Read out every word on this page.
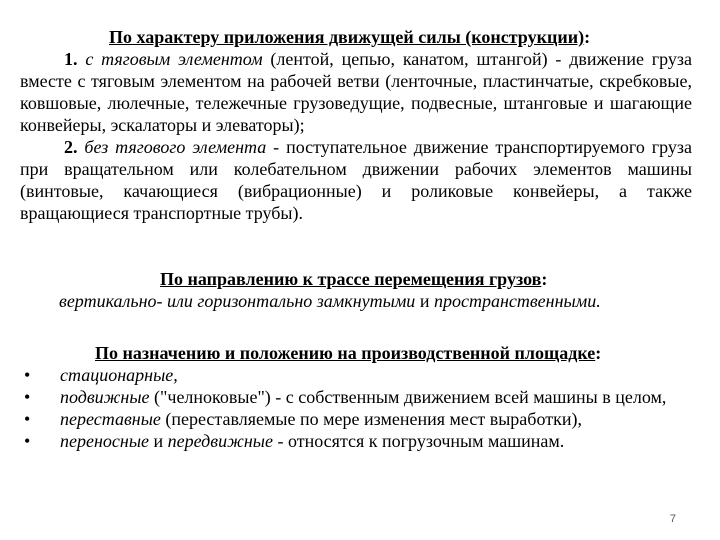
По характеру приложения движущей силы (конструкции):
1. с тяговым элементом (лентой, цепью, канатом, штангой) - движение груза вместе с тяговым элементом на рабочей ветви (ленточные, пластинчатые, скребковые, ковшовые, люлечные, тележечные грузоведущие, подвесные, штанговые и шагающие конвейеры, эскалаторы и элеваторы);
2. без тягового элемента - поступательное движение транспортируемого груза при вращательном или колебательном движении рабочих элементов машины (винтовые, качающиеся (вибрационные) и роликовые конвейеры, а также вращающиеся транспортные трубы).
По направлению к трассе перемещения грузов:
вертикально- или горизонтально замкнутыми и пространственными.
По назначению и положению на производственной площадке:
• стационарные,
• подвижные ("челноковые") - с собственным движением всей машины в целом,
• переставные (переставляемые по мере изменения мест выработки),
• переносные и передвижные - относятся к погрузочным машинам.
7
